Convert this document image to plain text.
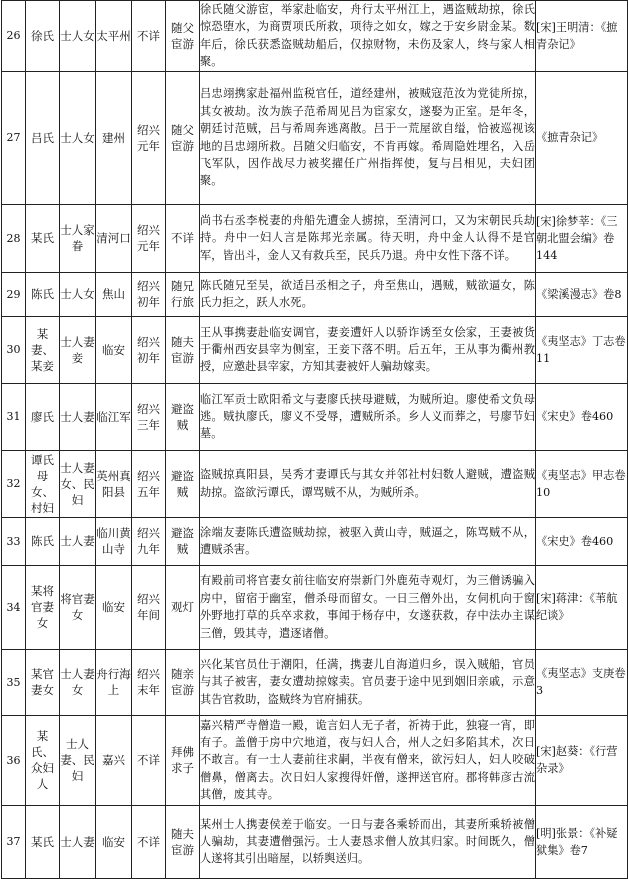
26	徐氏	士人女	太平州	不详	随父宦游	徐氏随父游宦，举家赴临安，舟行太平州江上，遇盗贼劫掠，徐氏惊恐堕水，为商贾项氏所救，项待之如女，嫁之于安乡尉金某。数年后，徐氏获悉盗贼劫船后，仅掠财物，未伤及家人，终与家人相聚。	[宋]王明清：《摭青杂记》
27	吕氏	士人女	建州	绍兴元年	随父宦游	吕忠翊携家赴福州监税官任，道经建州，被贼寇范汝为党徒所掠，其女被劫。汝为族子范希周见吕为宦家女，遂娶为正室。是年冬，朝廷讨范贼，吕与希周奔逃离散。吕于一荒屋欲自缢，恰被巡视该地的吕忠翊所救。吕随父归临安，不肯再嫁。希周隐姓埋名，入岳飞军队，因作战尽力被奖擢任广州指挥使，复与吕相见，夫妇团聚。	《摭青杂记》
28	某氏	士人家眷	清河口	绍兴元年	不详	尚书右丞李棁妻的舟船先遭金人掳掠，至清河口，又为宋朝民兵劫持。舟中一妇人言是陈邦光亲属。待天明，舟中金人认得不是官军，皆出斗，金人又有救兵至，民兵乃退。舟中女性下落不详。	[宋]徐梦莘：《三朝北盟会编》卷144
29	陈氏	士人女	焦山	绍兴初年	随兄行旅	陈氏随兄至吴，欲适吕丞相之子，舟至焦山，遇贼，贼欲逼女，陈氏力拒之，跃人水死。	《梁溪漫志》卷8
30	某妻、某妾	士人妻妾	临安	绍兴初年	随夫宦游	王从事携妻赴临安调官，妻妾遭奸人以骄诈诱至女侩家，王妻被货于衢州西安县宰为侧室，王妾下落不明。后五年，王从事为衢州教授，应邀赴县宰家，方知其妻被奸人骗劫嫁卖。	《夷坚志》丁志卷11
31	廖氏	士人妻	临江军	绍兴三年	避盗贼	临江军贡士欧阳希文与妻廖氏挟母避贼，为贼所迫。廖使希文负母逃。贼执廖氏，廖义不受辱，遭贼所杀。乡人义而葬之，号廖节妇墓。	《宋史》卷460
32	谭氏母女、村妇	士人妻女、民妇	英州真阳县	绍兴五年	避盗贼	盗贼掠真阳县，吴秀才妻谭氏与其女并邻社村妇数人避贼，遭盗贼劫掠。盗欲污谭氏，谭骂贼不从，为贼所杀。	《夷坚志》甲志卷10
33	陈氏	士人妻	临川黄山寺	绍兴九年	避盗贼	涂端友妻陈氏遭盗贼劫掠，被驱入黄山寺，贼逼之，陈骂贼不从，遭贼杀害。	《宋史》卷460
34	某将官妻女	将官妻女	临安	绍兴年间	观灯	有殿前司将官妻女前往临安府崇新门外鹿苑寺观灯，为三僧诱骗入房中，留宿于幽室，僧杀母而留女。一日三僧外出，女伺机向于窗外野地打草的兵卒求救，事闻于杨存中，女遂获救，存中法办主谋三僧，毁其寺，遣逐诸僧。	[宋]蒋津：《苇航纪谈》
35	某官妻女	士人妻女	舟行海上	绍兴末年	随亲宦游	兴化某官员仕于潮阳，任满，携妻儿自海道归乡，误入贼船，官员与其子被害，妻女遭劫掠嫁卖。官员妻于途中见到姻旧亲戚，示意其告官救助，盗贼终为官府捕获。	《夷坚志》支庚卷3
36	某氏、众妇人	士人妻、民妇	嘉兴	不详	拜佛求子	嘉兴精严寺僧造一殿，诡言妇人无子者，祈祷于此，独寝一宵，即有子。盖僧于房中穴地道，夜与妇人合，州人之妇多陷其术，次日不敢言。有一士人妻前往求嗣，半夜有僧来，欲污妇人，妇人咬破僧鼻，僧离去。次日妇人家搜得奸僧，遂押送官府。郡将韩彦古流其僧，废其寺。	[宋]赵葵：《行营杂录》
37	某氏	士人妻	临安	不详	随夫宦游	某州士人携妻侯差于临安。一日与妻各乘轿而出，其妻所乘轿被僧人骗劫，其妻遭僧强污。士人妻恳求僧人放其归家。时间既久，僧人遂将其引出暗屋，以轿舆送归。	[明]张景：《补疑狱集》卷7
